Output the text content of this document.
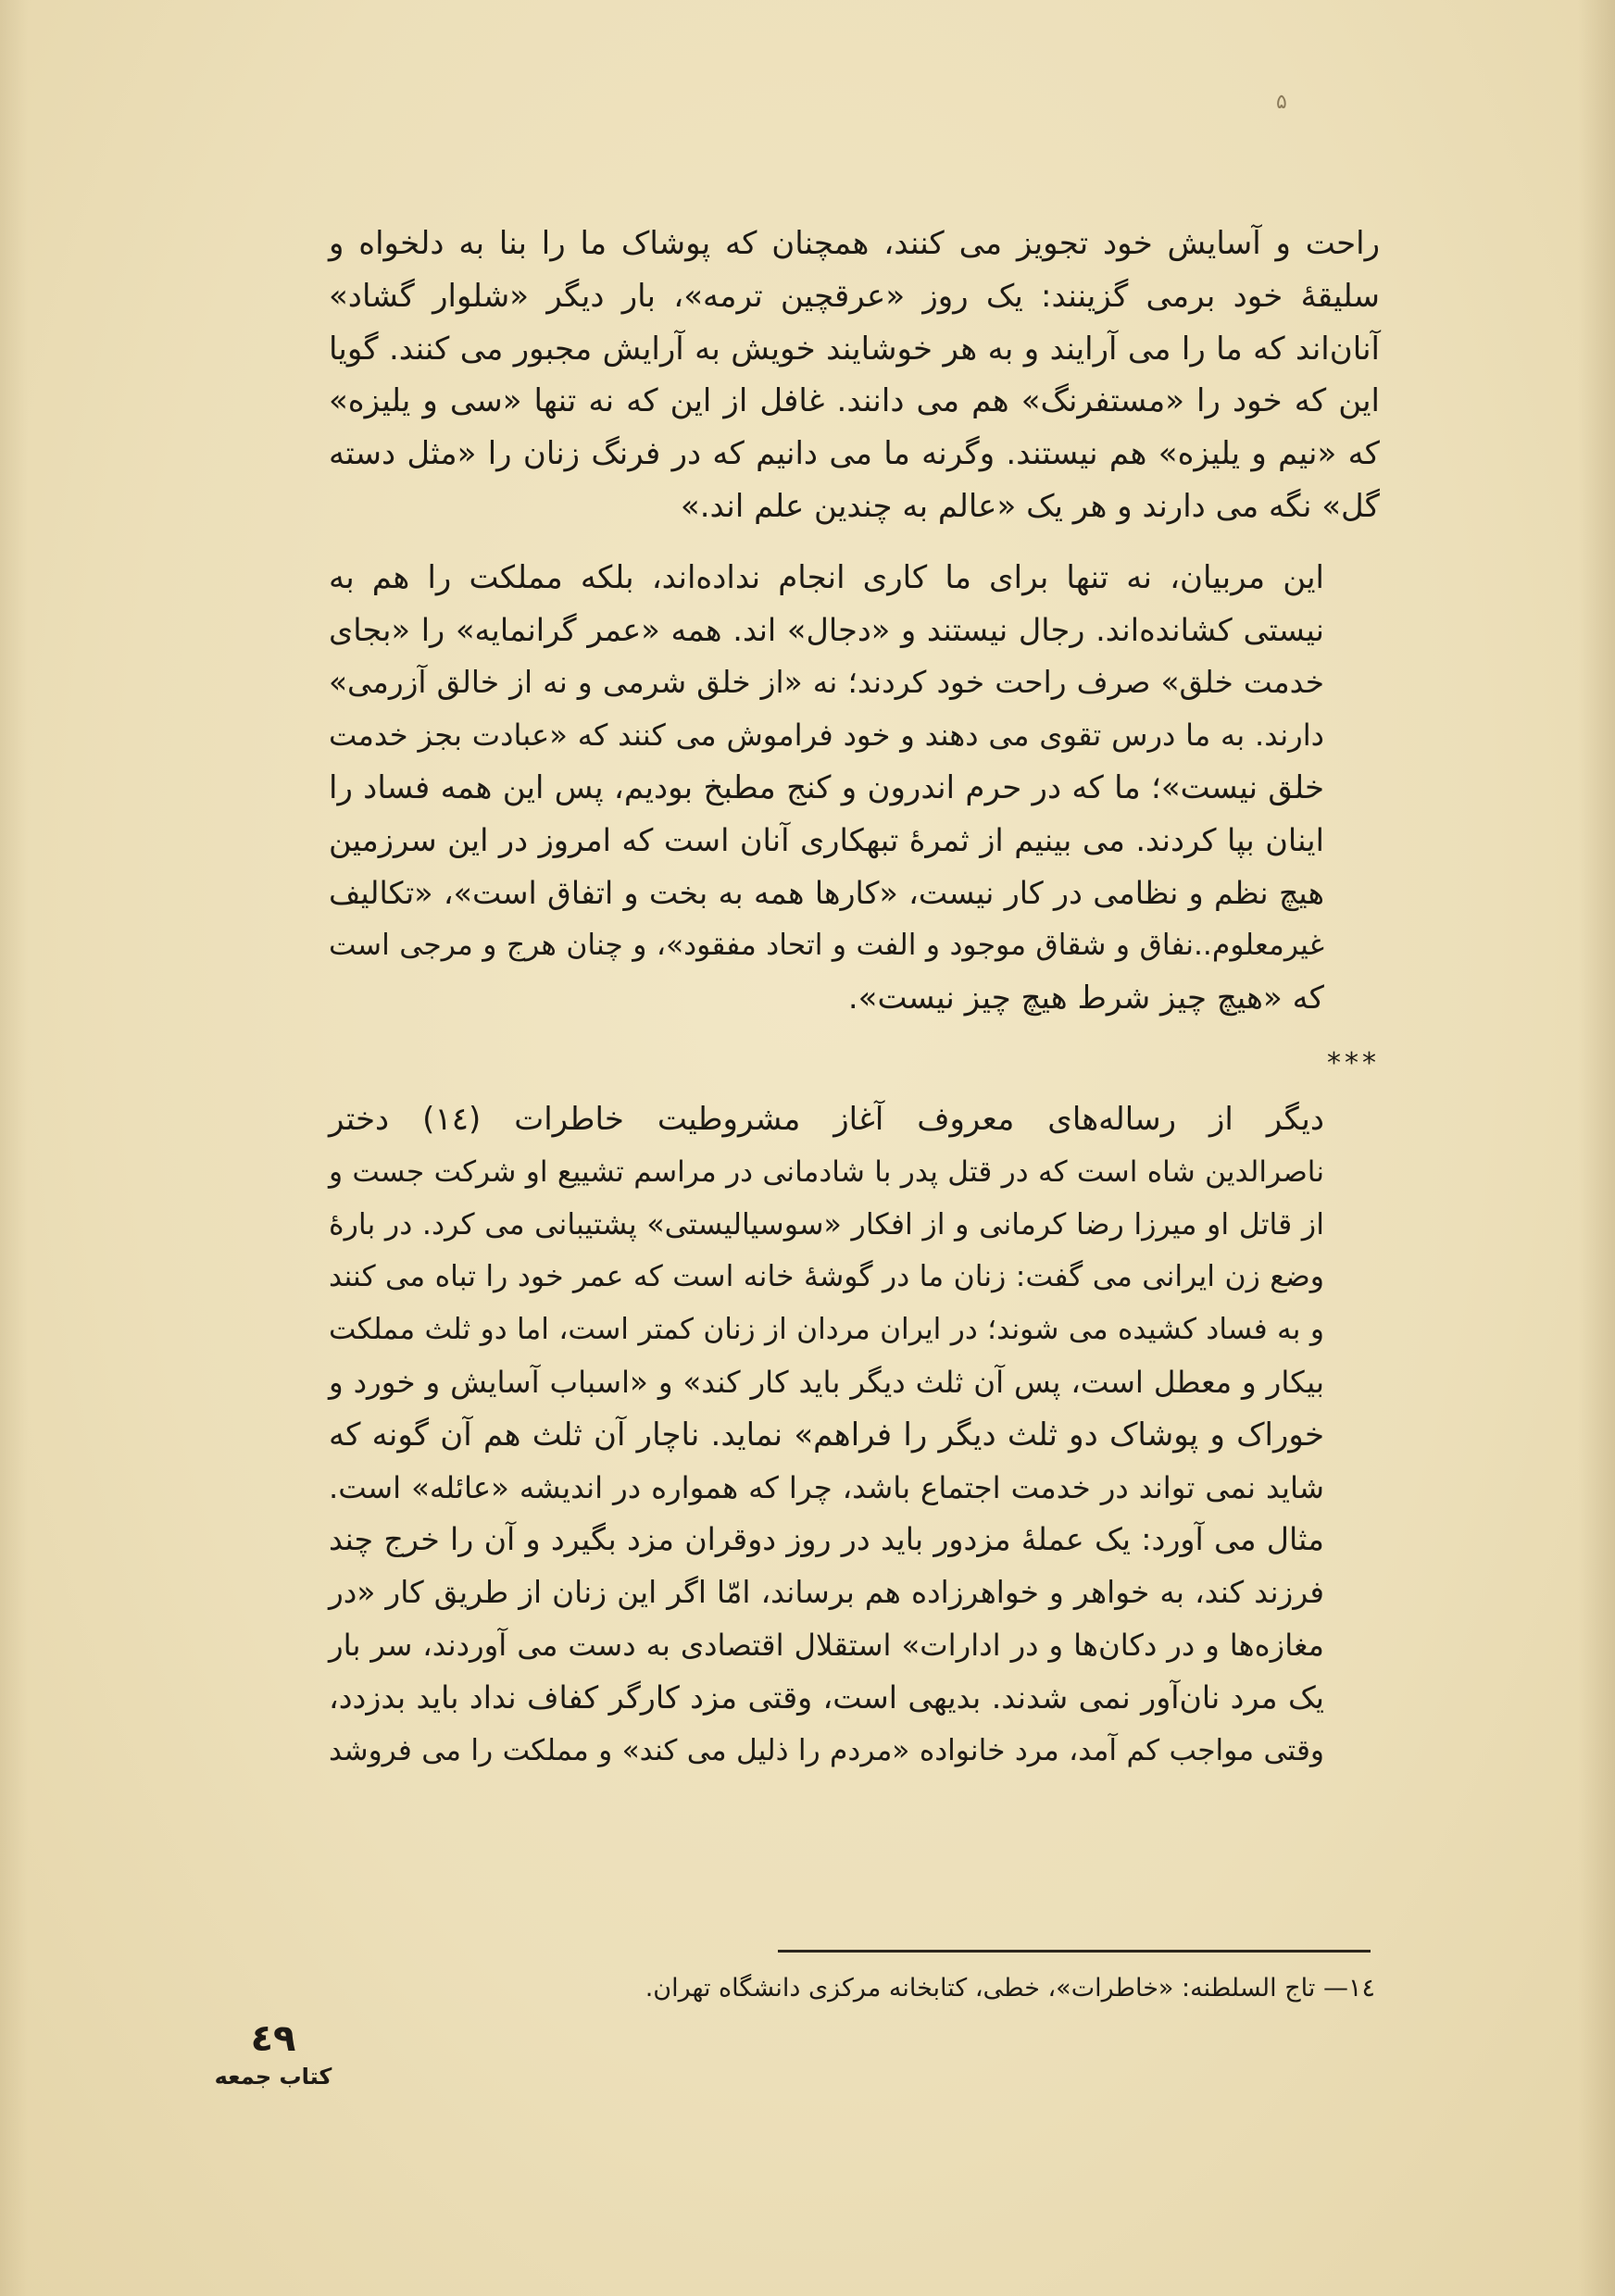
۵

راحت و آسایش خود تجویز می کنند، همچنان که پوشاک ما را بنا به دلخواه و
سلیقهٔ خود برمی گزینند: یک روز «عرقچین ترمه»، بار دیگر «شلوار گشاد»
آنان‌اند که ما را می آرایند و به هر خوشایند خویش به آرایش مجبور می کنند. گویا
این که خود را «مستفرنگ» هم می دانند. غافل از این که نه تنها «سی و یلیزه»
که «نیم و یلیزه» هم نیستند. وگرنه ما می دانیم که در فرنگ زنان را «مثل دسته
گل» نگه می دارند و هر یک «عالم به چندین علم اند.»

این مربیان، نه تنها برای ما کاری انجام نداده‌اند، بلکه مملکت را هم به
نیستی کشانده‌اند. رجال نیستند و «دجال» اند. همه «عمر گرانمایه» را «بجای
خدمت خلق» صرف راحت خود کردند؛ نه «از خلق شرمی و نه از خالق آزرمی»
دارند. به ما درس تقوی می دهند و خود فراموش می کنند که «عبادت بجز خدمت
خلق نیست»؛ ما که در حرم اندرون و کنج مطبخ بودیم، پس این همه فساد را
اینان بپا کردند. می بینیم از ثمرهٔ تبهکاری آنان است که امروز در این سرزمین
هیچ نظم و نظامی در کار نیست، «کارها همه به بخت و اتفاق است»، «تکالیف
غیرمعلوم..نفاق و شقاق موجود و الفت و اتحاد مفقود»، و چنان هرج و مرجی است
که «هیچ چیز شرط هیچ چیز نیست».

***

دیگر از رساله‌های معروف آغاز مشروطیت خاطرات (۱٤) دختر
ناصرالدین شاه است که در قتل پدر با شادمانی در مراسم تشییع او شرکت جست و
از قاتل او میرزا رضا کرمانی و از افکار «سوسیالیستی» پشتیبانی می کرد. در بارهٔ
وضع زن ایرانی می گفت: زنان ما در گوشهٔ خانه است که عمر خود را تباه می کنند
و به فساد کشیده می شوند؛ در ایران مردان از زنان کمتر است، اما دو ثلث مملکت
بیکار و معطل است، پس آن ثلث دیگر باید کار کند» و «اسباب آسایش و خورد و
خوراک و پوشاک دو ثلث دیگر را فراهم» نماید. ناچار آن ثلث هم آن گونه که
شاید نمی تواند در خدمت اجتماع باشد، چرا که همواره در اندیشه «عائله» است.
مثال می آورد: یک عملهٔ مزدور باید در روز دوقران مزد بگیرد و آن را خرج چند
فرزند کند، به خواهر و خواهرزاده هم برساند، امّا اگر این زنان از طریق کار «در
مغازه‌ها و در دکان‌ها و در ادارات» استقلال اقتصادی به دست می آوردند، سر بار
یک مرد نان‌آور نمی شدند. بدیهی است، وقتی مزد کارگر کفاف نداد باید بدزدد،
وقتی مواجب کم آمد، مرد خانواده «مردم را ذلیل می کند» و مملکت را می فروشد

۱٤— تاج السلطنه: «خاطرات»، خطی، کتابخانه مرکزی دانشگاه تهران.
٤٩
کتاب جمعه
